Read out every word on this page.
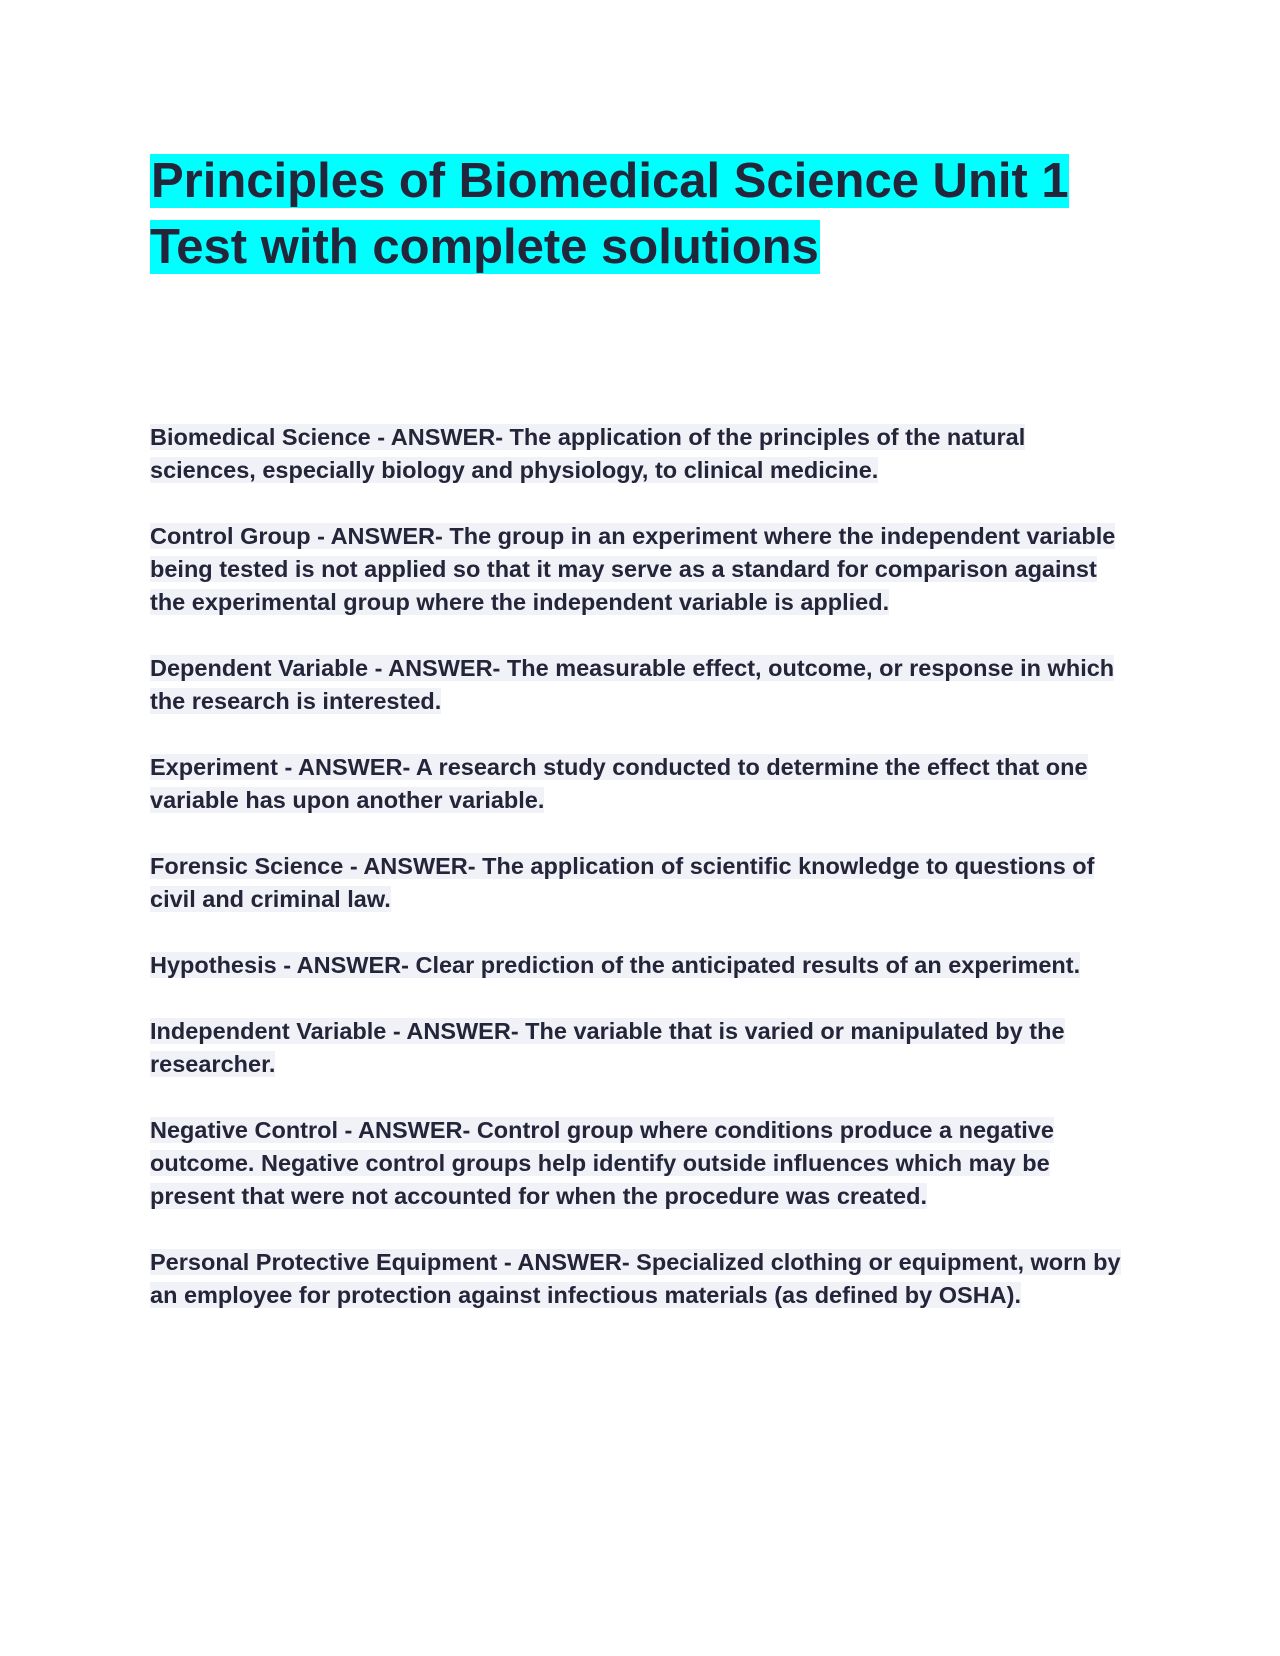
Principles of Biomedical Science Unit 1 Test with complete solutions

Biomedical Science - ANSWER- The application of the principles of the natural sciences, especially biology and physiology, to clinical medicine.

Control Group - ANSWER- The group in an experiment where the independent variable being tested is not applied so that it may serve as a standard for comparison against the experimental group where the independent variable is applied.

Dependent Variable - ANSWER- The measurable effect, outcome, or response in which the research is interested.

Experiment - ANSWER- A research study conducted to determine the effect that one variable has upon another variable.

Forensic Science - ANSWER- The application of scientific knowledge to questions of civil and criminal law.

Hypothesis - ANSWER- Clear prediction of the anticipated results of an experiment.

Independent Variable - ANSWER- The variable that is varied or manipulated by the researcher.

Negative Control - ANSWER- Control group where conditions produce a negative outcome. Negative control groups help identify outside influences which may be present that were not accounted for when the procedure was created.

Personal Protective Equipment - ANSWER- Specialized clothing or equipment, worn by an employee for protection against infectious materials (as defined by OSHA).
